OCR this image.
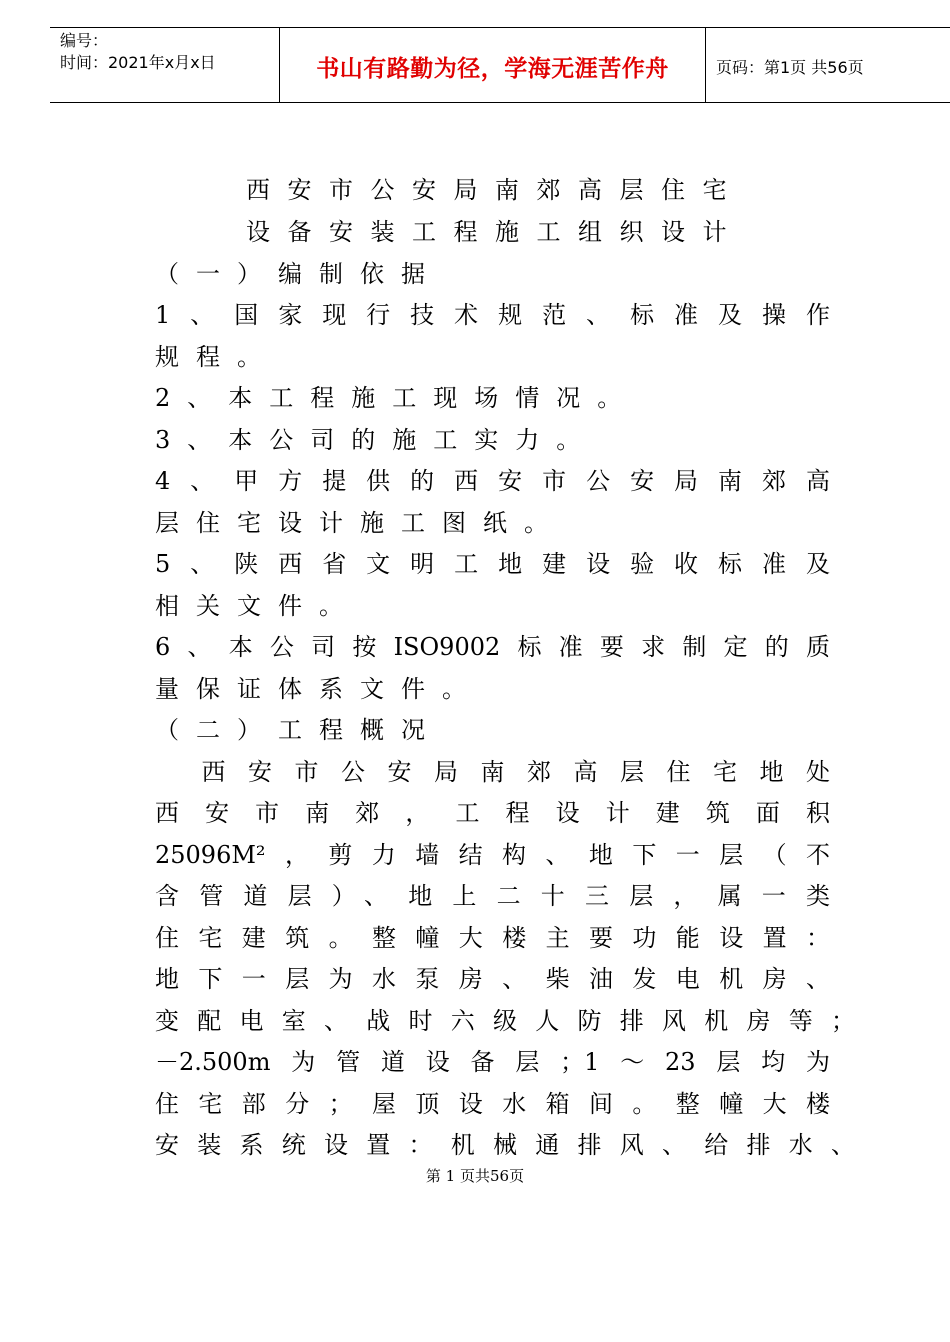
编号：
时间：2021年x月x日	书山有路勤为径，学海无涯苦作舟	页码：第1页 共56页
西安市公安局南郊高层住宅
设备安装工程施工组织设计
（一）编制依据
1、国家现行技术规范、标准及操作
规程。
2、本工程施工现场情况。
3、本公司的施工实力。
4、甲方提供的西安市公安局南郊高
层住宅设计施工图纸。
5、陕西省文明工地建设验收标准及
相关文件。
6、本公司按ISO9002标准要求制定的质
量保证体系文件。
（二）工程概况
　西安市公安局南郊高层住宅地处
西安市南郊，工程设计建筑面积
25096M²，剪力墙结构、地下一层（不
含管道层）、地上二十三层，属一类
住宅建筑。整幢大楼主要功能设置：
地下一层为水泵房、柴油发电机房、
变配电室、战时六级人防排风机房等；
－2.500m为管道设备层；1～23层均为
住宅部分；屋顶设水箱间。整幢大楼
安装系统设置：机械通排风、给排水、
第 1 页共56页
